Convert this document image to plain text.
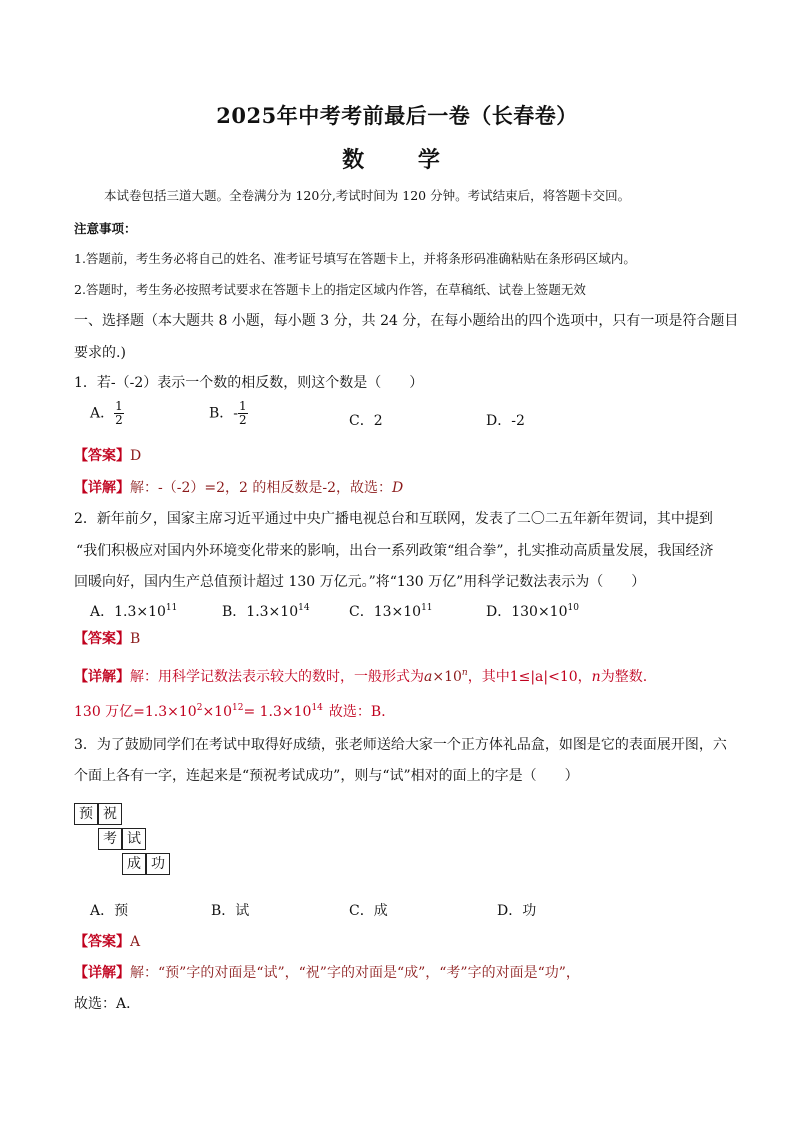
2025年中考考前最后一卷（长春卷）
数 学
本试卷包括三道大题。全卷满分为 120分,考试时间为 120 分钟。考试结束后，将答题卡交回。
注意事项：
1.答题前，考生务必将自己的姓名、准考证号填写在答题卡上，并将条形码准确粘贴在条形码区域内。
2.答题时，考生务必按照考试要求在答题卡上的指定区域内作答，在草稿纸、试卷上签题无效
一、选择题（本大题共 8 小题，每小题 3 分，共 24 分，在每小题给出的四个选项中，只有一项是符合题目
要求的.)
1．若-（-2）表示一个数的相反数，则这个数是（　　）
A． $\frac{1}{2}$	B．- $\frac{1}{2}$	C．2	D．-2
【答案】D
【详解】解：-（-2）=2，2 的相反数是-2，故选：D
2．新年前夕，国家主席习近平通过中央广播电视总台和互联网，发表了二〇二五年新年贺词，其中提到
“我们积极应对国内外环境变化带来的影响，出台一系列政策“组合拳”，扎实推动高质量发展，我国经济
回暖向好，国内生产总值预计超过 130 万亿元。”将“130 万亿”用科学记数法表示为（　　）
A．$1.3\times 10^{11}$	B．$1.3\times 10^{14}$	C．$13\times 10^{11}$	D．$130\times 10^{10}$
【答案】B
【详解】解：用科学记数法表示较大的数时，一般形式为$a\times 10^n$，其中1≤|a|<10，n为整数.
130 万亿$=1.3\times 10^2\times 10^{12}= 1.3\times 10^{14}$ 故选：B．
3．为了鼓励同学们在考试中取得好成绩，张老师送给大家一个正方体礼品盒，如图是它的表面展开图，六
个面上各有一字，连起来是“预祝考试成功”，则与“试”相对的面上的字是（　　）
预 祝
考 试
成 功
A．预	B．试	C．成	D．功
【答案】A
【详解】解：“预”字的对面是“试”，“祝”字的对面是“成”，“考”字的对面是“功”，
故选：A．
